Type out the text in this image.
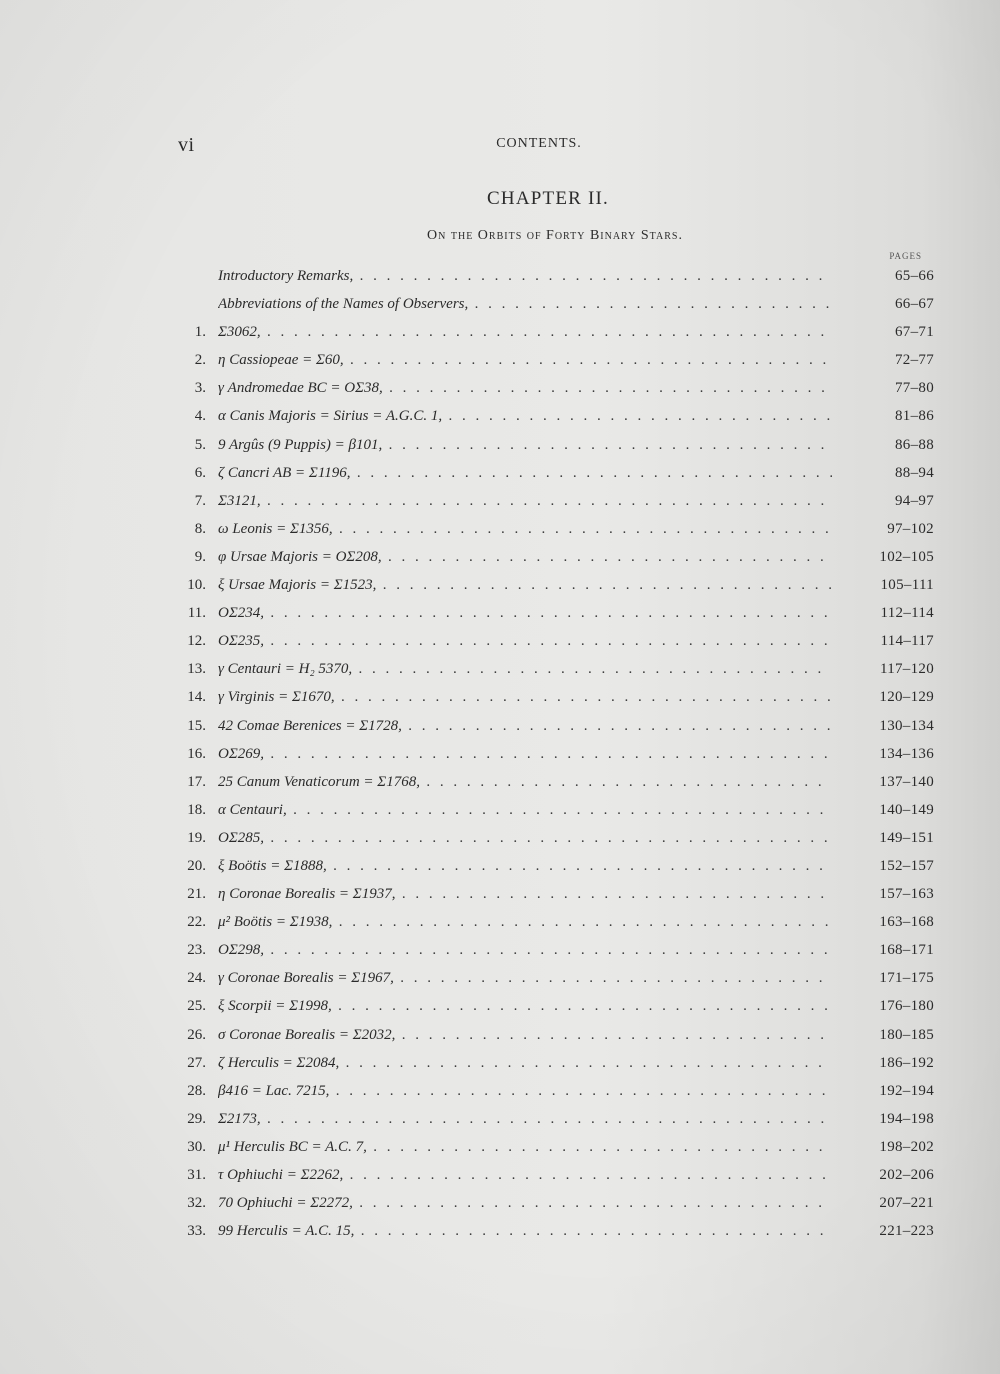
vi	CONTENTS.
CHAPTER II.
On the Orbits of Forty Binary Stars.
PAGES
Introductory Remarks, . .	65–66
Abbreviations of the Names of Observers, . .	66–67
1. Σ3062, . .	67–71
2. η Cassiopeae = Σ60, . .	72–77
3. γ Andromedae BC = OΣ38, . .	77–80
4. α Canis Majoris = Sirius = A.G.C. 1, . .	81–86
5. 9 Argûs (9 Puppis) = β101, . .	86–88
6. ζ Cancri AB = Σ1196, . .	88–94
7. Σ3121, . .	94–97
8. ω Leonis = Σ1356, . .	97–102
9. φ Ursae Majoris = OΣ208, . .	102–105
10. ξ Ursae Majoris = Σ1523, . .	105–111
11. OΣ234, . .	112–114
12. OΣ235, . .	114–117
13. γ Centauri = H₂ 5370, . .	117–120
14. γ Virginis = Σ1670, . .	120–129
15. 42 Comae Berenices = Σ1728, . .	130–134
16. OΣ269, . .	134–136
17. 25 Canum Venaticorum = Σ1768, . .	137–140
18. α Centauri, . .	140–149
19. OΣ285, . .	149–151
20. ξ Boötis = Σ1888, . .	152–157
21. η Coronae Borealis = Σ1937, . .	157–163
22. μ² Boötis = Σ1938, . .	163–168
23. OΣ298, . .	168–171
24. γ Coronae Borealis = Σ1967, . .	171–175
25. ξ Scorpii = Σ1998, . .	176–180
26. σ Coronae Borealis = Σ2032, . .	180–185
27. ζ Herculis = Σ2084, . .	186–192
28. β416 = Lac. 7215, . .	192–194
29. Σ2173, . .	194–198
30. μ¹ Herculis BC = A.C. 7, . .	198–202
31. τ Ophiuchi = Σ2262, . .	202–206
32. 70 Ophiuchi = Σ2272, . .	207–221
33. 99 Herculis = A.C. 15, . .	221–223
